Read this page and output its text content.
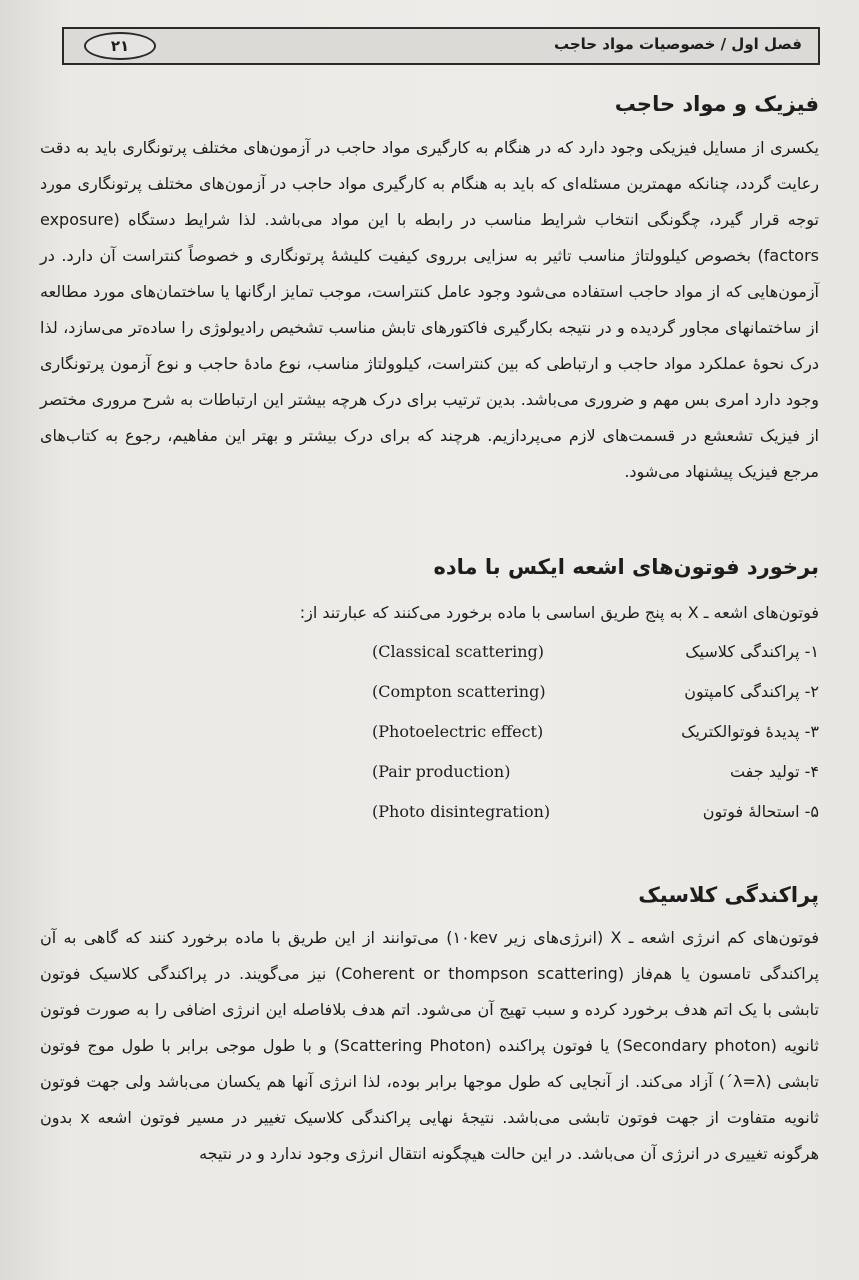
فصل اول / خصوصیات مواد حاجب
۲۱
فیزیک و مواد حاجب
یکسری از مسایل فیزیکی وجود دارد که در هنگام به کارگیری مواد حاجب در آزمون‌های مختلف پرتونگاری باید به دقت رعایت گردد، چنانکه مهمترین مسئله‌ای که باید به هنگام به کارگیری مواد حاجب در آزمون‌های مختلف پرتونگاری مورد توجه قرار گیرد، چگونگی انتخاب شرایط مناسب در رابطه با این مواد می‌باشد. لذا شرایط دستگاه (exposure factors) بخصوص کیلوولتاژ مناسب تاثیر به سزایی برروی کیفیت کلیشهٔ پرتونگاری و خصوصاً کنتراست آن دارد. در آزمون‌هایی که از مواد حاجب استفاده می‌شود وجود عامل کنتراست، موجب تمایز ارگانها یا ساختمان‌های مورد مطالعه از ساختمانهای مجاور گردیده و در نتیجه بکارگیری فاکتورهای تابش مناسب تشخیص رادیولوژی را ساده‌تر می‌سازد، لذا درک نحوهٔ عملکرد مواد حاجب و ارتباطی که بین کنتراست، کیلوولتاژ مناسب، نوع مادهٔ حاجب و نوع آزمون پرتونگاری وجود دارد امری بس مهم و ضروری می‌باشد. بدین ترتیب برای درک هرچه بیشتر این ارتباطات به شرح مروری مختصر از فیزیک تشعشع در قسمت‌های لازم می‌پردازیم. هرچند که برای درک بیشتر و بهتر این مفاهیم، رجوع به کتاب‌های مرجع فیزیک پیشنهاد می‌شود.
برخورد فوتون‌های اشعه ایکس با ماده
فوتون‌های اشعه ـ X به پنج طریق اساسی با ماده برخورد می‌کنند که عبارتند از:
۱- پراکندگی کلاسیک
(Classical scattering)
۲- پراکندگی کامپتون
(Compton scattering)
۳- پدیدهٔ فوتوالکتریک
(Photoelectric effect)
۴- تولید جفت
(Pair production)
۵- استحالهٔ فوتون
(Photo disintegration)
پراکندگی کلاسیک
فوتون‌های کم انرژی اشعه ـ X (انرژی‌های زیر ۱۰kev) می‌توانند از این طریق با ماده برخورد کنند که گاهی به آن پراکندگی تامسون یا هم‌فاز (Coherent or thompson scattering) نیز می‌گویند. در پراکندگی کلاسیک فوتون تابشی با یک اتم هدف برخورد کرده و سبب تهیج آن می‌شود. اتم هدف بلافاصله این انرژی اضافی را به صورت فوتون ثانویه (Secondary photon) یا فوتون پراکنده (Scattering Photon) و با طول موجی برابر با طول موج فوتون تابشی (λ=λ´) آزاد می‌کند. از آنجایی که طول موجها برابر بوده، لذا انرژی آنها هم یکسان می‌باشد ولی جهت فوتون ثانویه متفاوت از جهت فوتون تابشی می‌باشد. نتیجهٔ نهایی پراکندگی کلاسیک تغییر در مسیر فوتون اشعه x بدون هرگونه تغییری در انرژی آن می‌باشد. در این حالت هیچگونه انتقال انرژی وجود ندارد و در نتیجه
